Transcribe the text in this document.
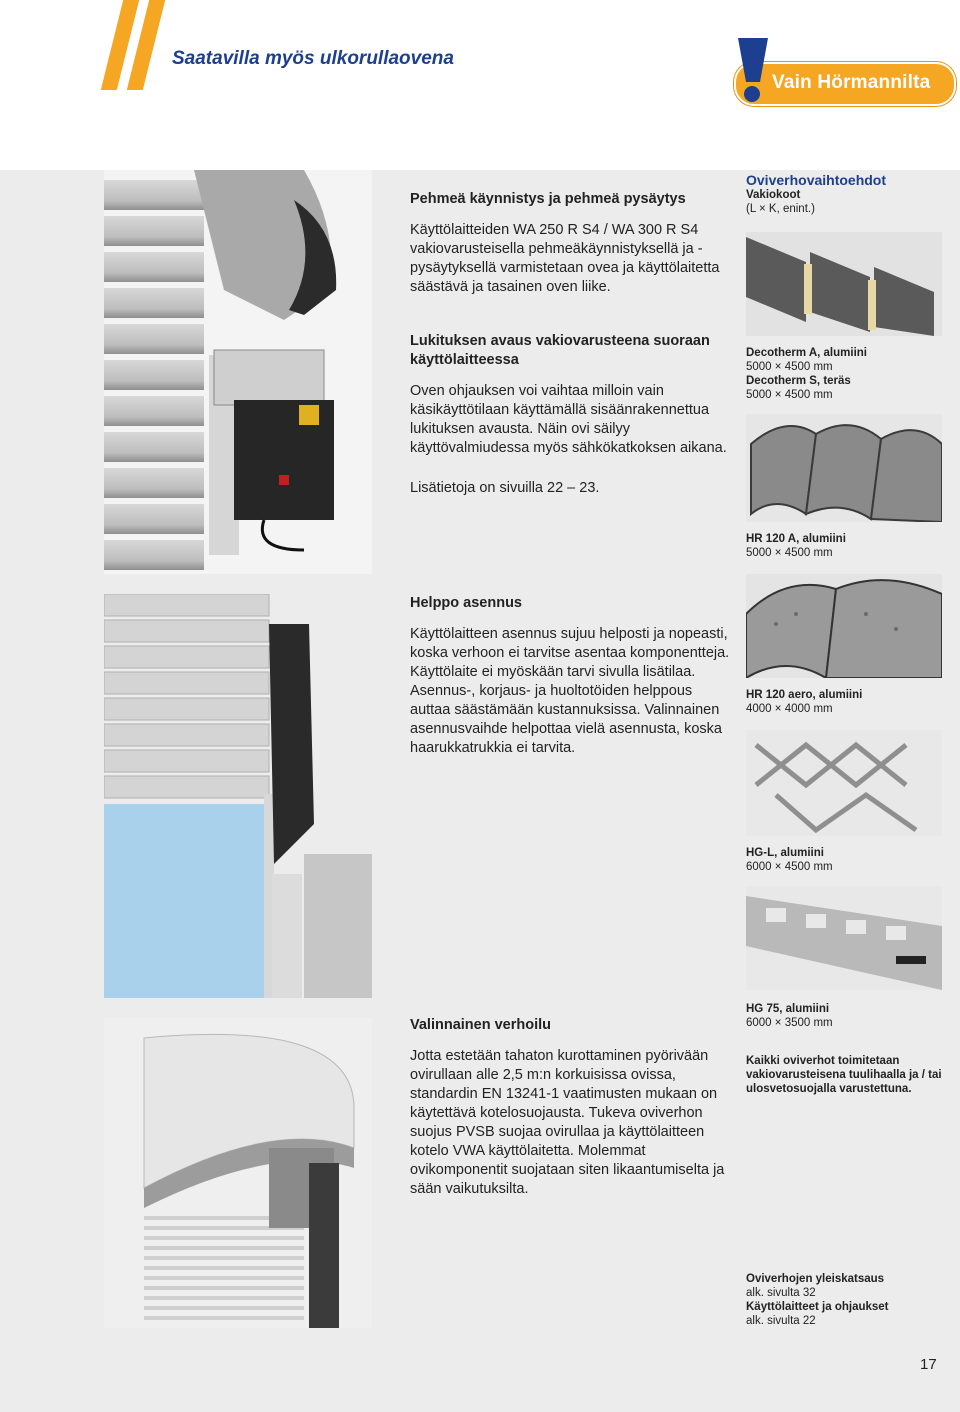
Saatavilla myös ulkorullaovena
Vain Hörmannilta
Pehmeä käynnistys ja pehmeä pysäytys

Käyttölaitteiden WA 250 R S4 / WA 300 R S4 vakiovarusteisella pehmeäkäynnistyksellä ja -pysäytyksellä varmistetaan ovea ja käyttölaitetta säästävä ja tasainen oven liike.

Lukituksen avaus vakiovarusteena suoraan käyttölaitteessa

Oven ohjauksen voi vaihtaa milloin vain käsikäyttötilaan käyttämällä sisäänrakennettua lukituksen avausta. Näin ovi säilyy käyttövalmiudessa myös sähkökatkoksen aikana.

Lisätietoja on sivuilla 22 – 23.

Helppo asennus

Käyttölaitteen asennus sujuu helposti ja nopeasti, koska verhoon ei tarvitse asentaa komponentteja. Käyttölaite ei myöskään tarvi sivulla lisätilaa. Asennus-, korjaus- ja huoltotöiden helppous auttaa säästämään kustannuksissa. Valinnainen asennusvaihde helpottaa vielä asennusta, koska haarukkatrukkia ei tarvita.

Valinnainen verhoilu

Jotta estetään tahaton kurottaminen pyörivään ovirullaan alle 2,5 m:n korkuisissa ovissa, standardin EN 13241-1 vaatimusten mukaan on käytettävä kotelosuojausta. Tukeva oviverhon suojus PVSB suojaa ovirullaa ja käyttölaitteen kotelo VWA käyttölaitetta. Molemmat ovikomponentit suojataan siten likaantumiselta ja sään vaikutuksilta.

Oviverhovaihtoehdot
Vakiokoot
(L × K, enint.)
Decotherm A, alumiini
5000 × 4500 mm
Decotherm S, teräs
5000 × 4500 mm
HR 120 A, alumiini
5000 × 4500 mm
HR 120 aero, alumiini
4000 × 4000 mm
HG-L, alumiini
6000 × 4500 mm
HG 75, alumiini
6000 × 3500 mm
Kaikki oviverhot toimitetaan vakiovarusteisena tuulihaalla ja / tai ulosvetosuojalla varustettuna.
Oviverhojen yleiskatsaus
alk. sivulta 32
Käyttölaitteet ja ohjaukset
alk. sivulta 22
17
